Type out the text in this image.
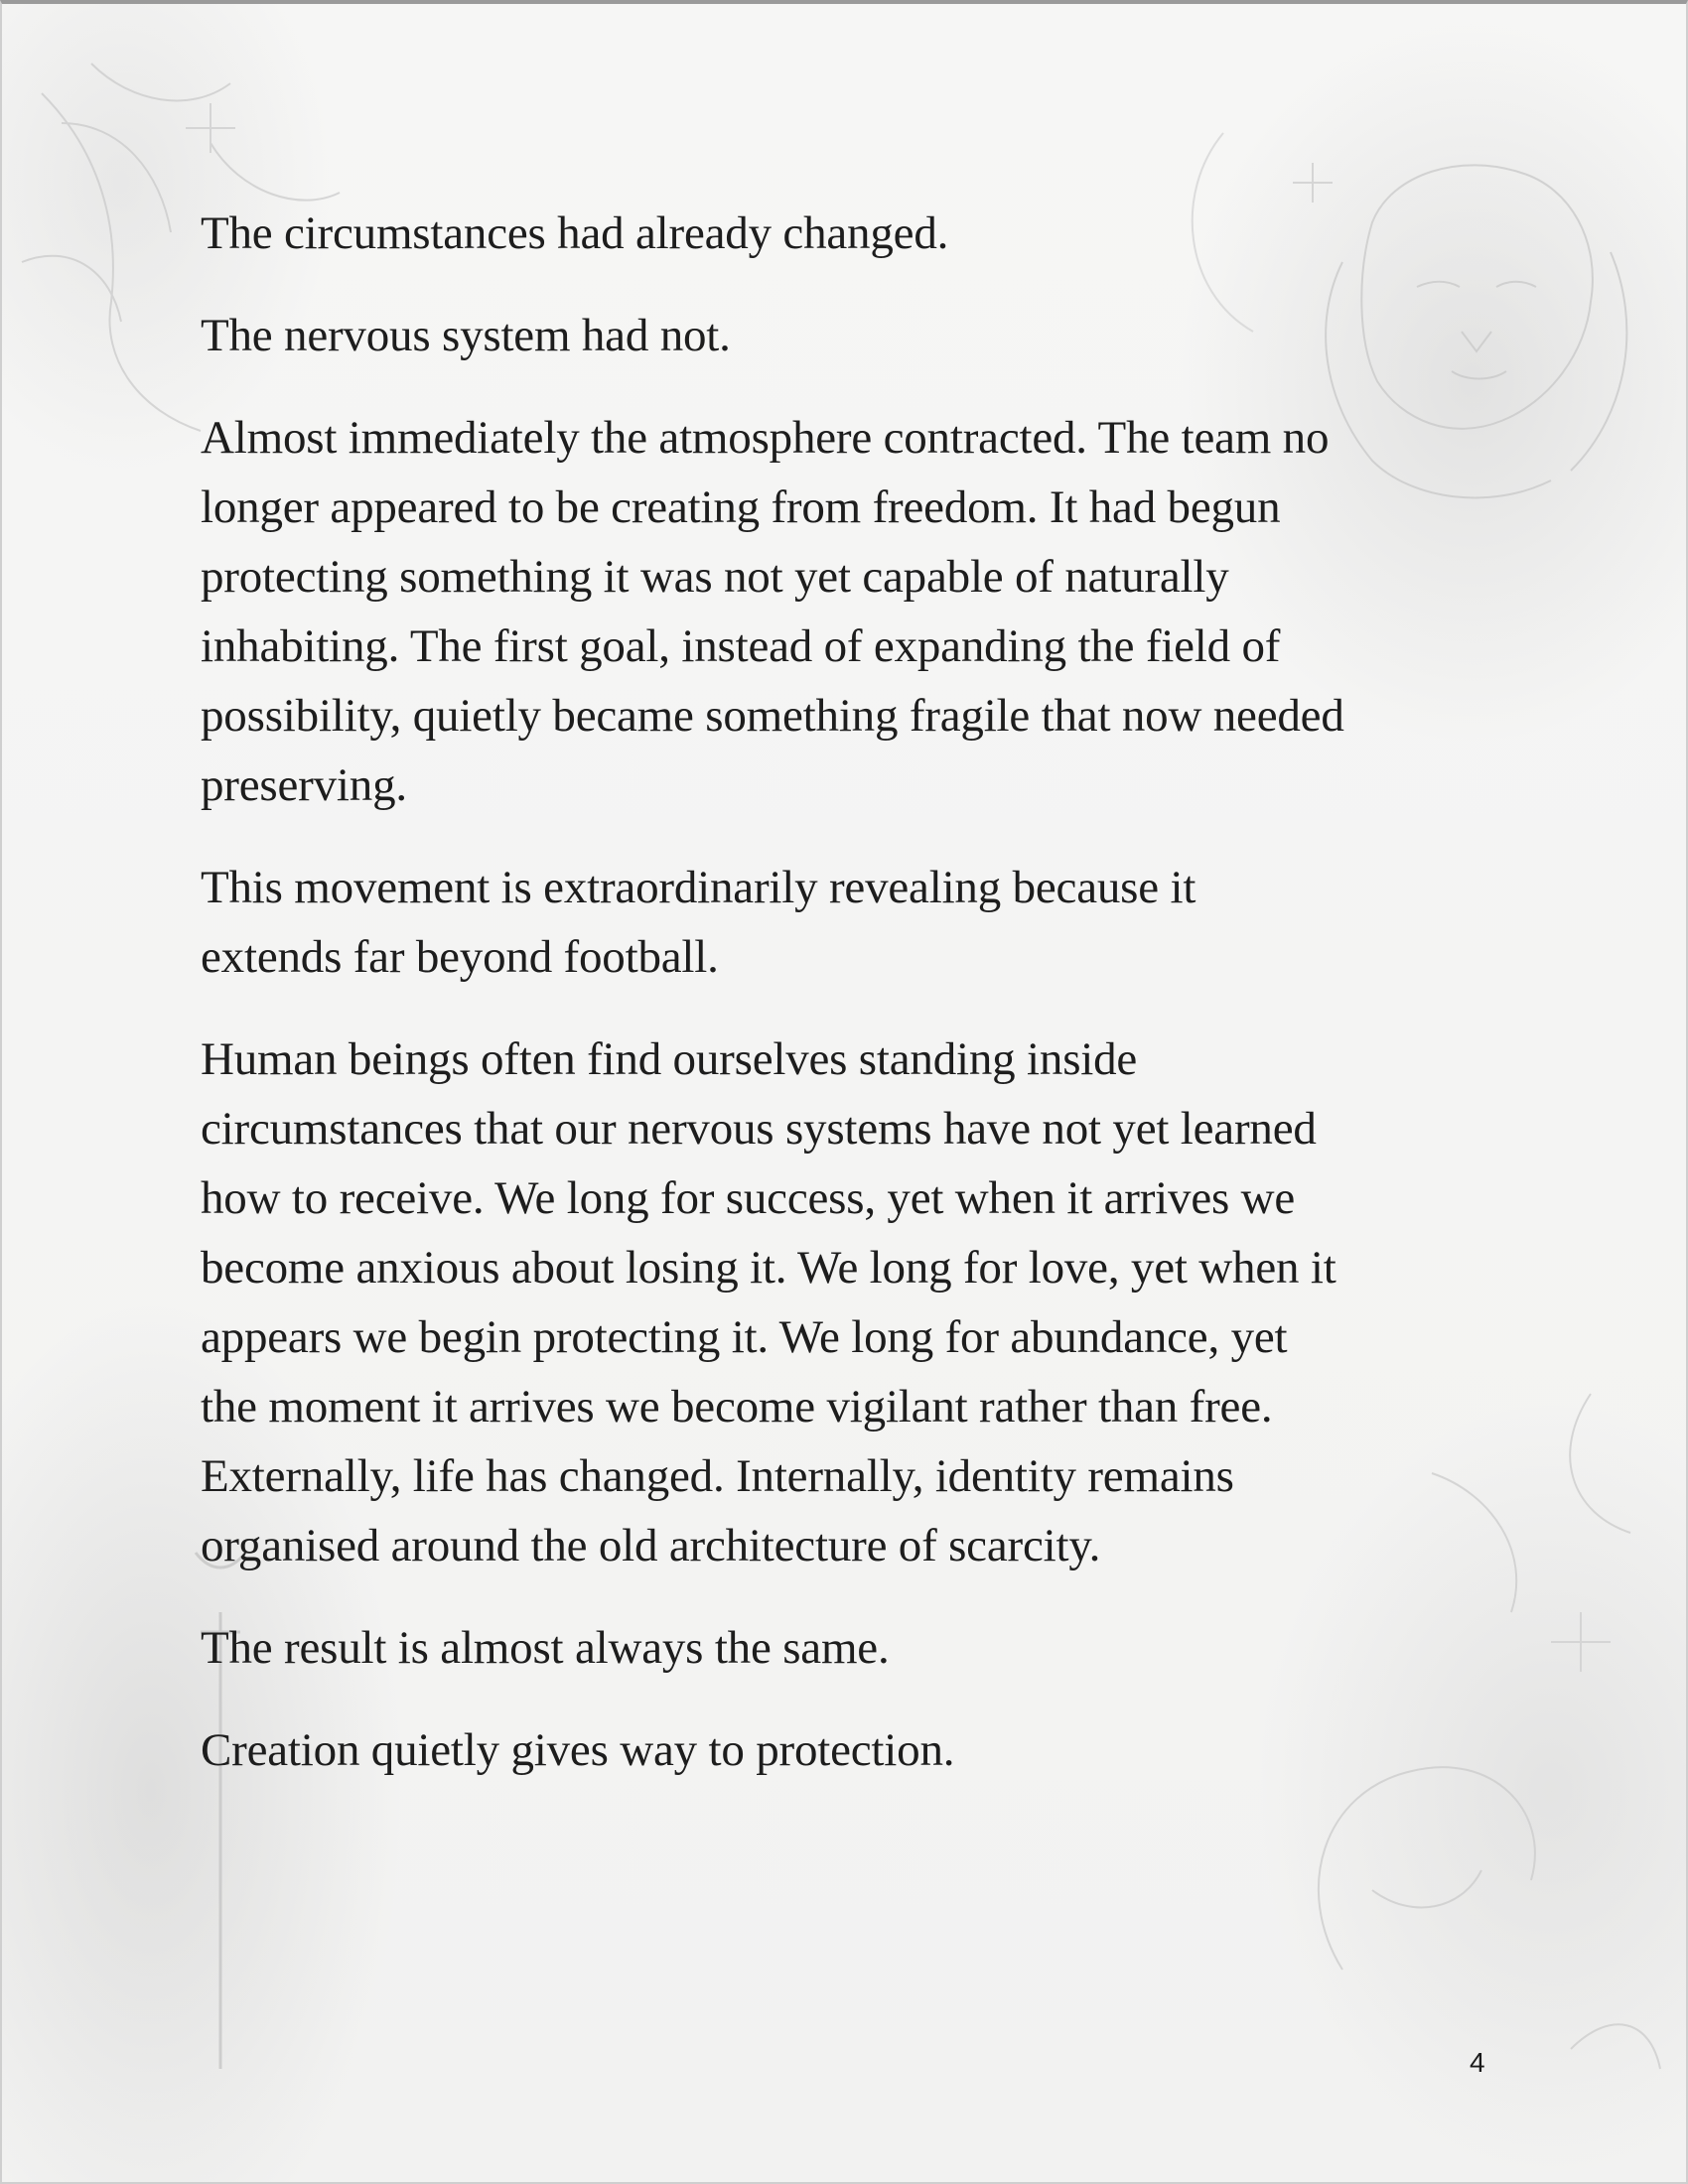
The circumstances had already changed.

The nervous system had not.

Almost immediately the atmosphere contracted. The team no
longer appeared to be creating from freedom. It had begun
protecting something it was not yet capable of naturally
inhabiting. The first goal, instead of expanding the field of
possibility, quietly became something fragile that now needed
preserving.

This movement is extraordinarily revealing because it
extends far beyond football.

Human beings often find ourselves standing inside
circumstances that our nervous systems have not yet learned
how to receive. We long for success, yet when it arrives we
become anxious about losing it. We long for love, yet when it
appears we begin protecting it. We long for abundance, yet
the moment it arrives we become vigilant rather than free.
Externally, life has changed. Internally, identity remains
organised around the old architecture of scarcity.

The result is almost always the same.

Creation quietly gives way to protection.

4
